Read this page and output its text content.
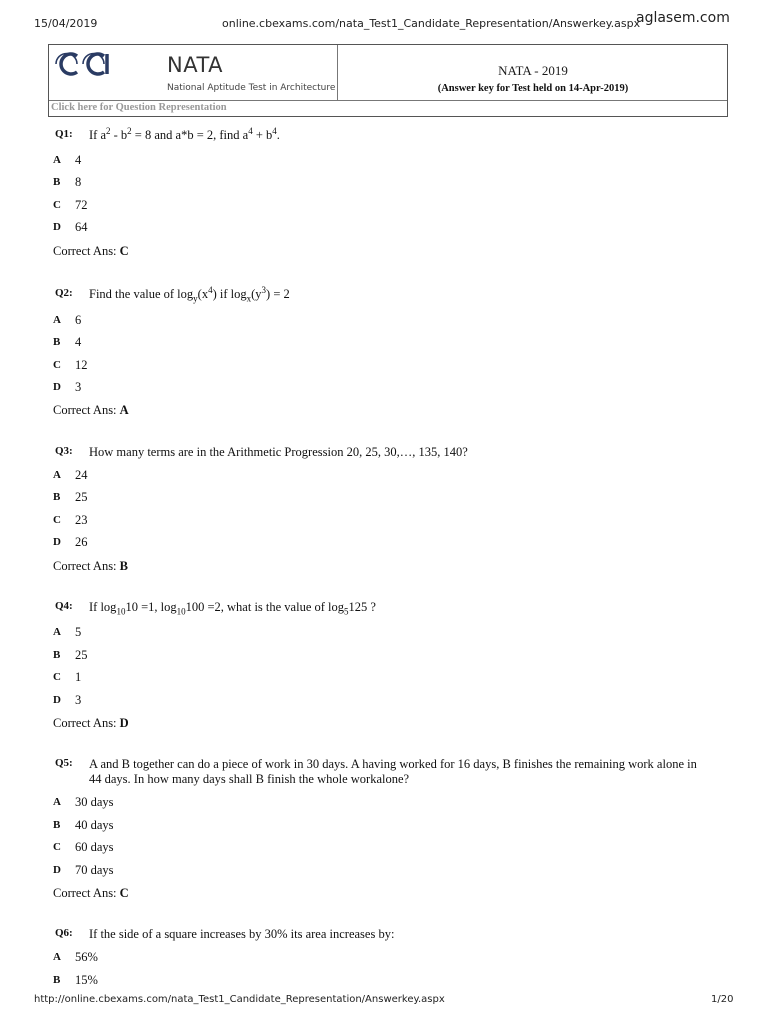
15/04/2019	online.cbexams.com/nata_Test1_Candidate_Representation/Answerkey.aspx
aglasem.com
NATA
National Aptitude Test in Architecture
NATA - 2019
(Answer key for Test held on 14-Apr-2019)
Click here for Question Representation
Q1: If $a^2 - b^2 = 8$ and a*b = 2, find $a^4 + b^4$.
A 4
B 8
C 72
D 64
Correct Ans: C
Q2: Find the value of $\log_y(x^4)$ if $\log_x(y^3) = 2$
A 6
B 4
C 12
D 3
Correct Ans: A
Q3: How many terms are in the Arithmetic Progression 20, 25, 30,…, 135, 140?
A 24
B 25
C 23
D 26
Correct Ans: B
Q4: If $\log_{10}10 =1$, $\log_{10}100 =2$, what is the value of $\log_5125$ ?
A 5
B 25
C 1
D 3
Correct Ans: D
Q5: A and B together can do a piece of work in 30 days. A having worked for 16 days, B finishes the remaining work alone in 44 days. In how many days shall B finish the whole workalone?
A 30 days
B 40 days
C 60 days
D 70 days
Correct Ans: C
Q6: If the side of a square increases by 30% its area increases by:
A 56%
B 15%
http://online.cbexams.com/nata_Test1_Candidate_Representation/Answerkey.aspx	1/20
